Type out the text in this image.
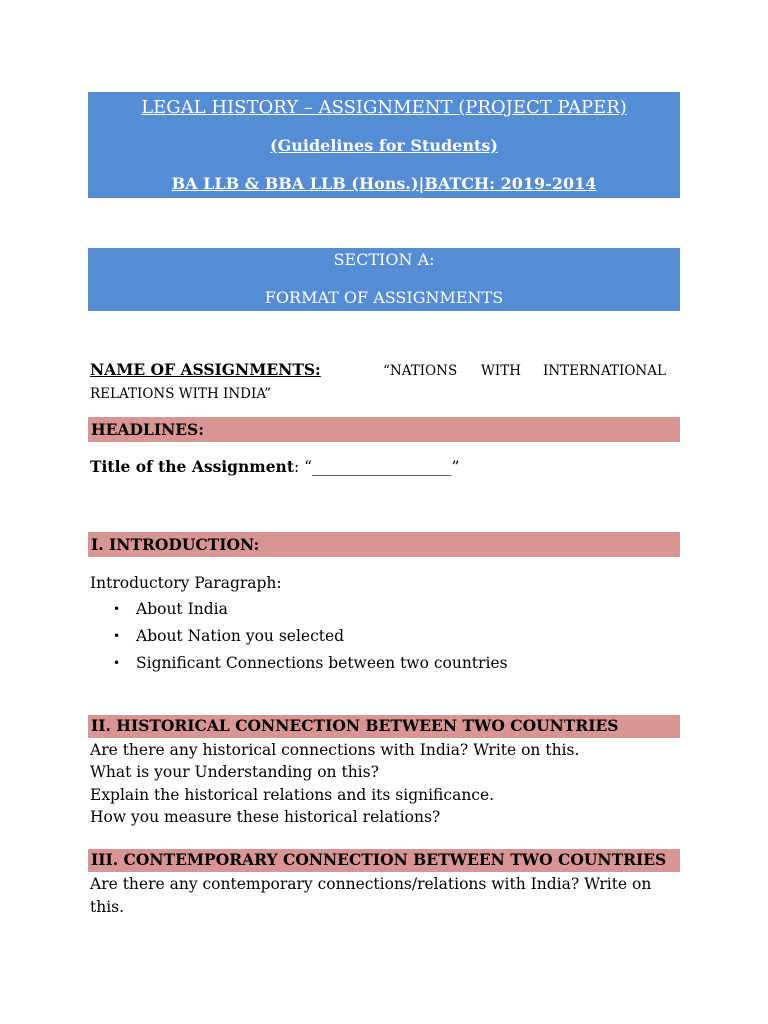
LEGAL HISTORY – ASSIGNMENT (PROJECT PAPER)
(Guidelines for Students)
BA LLB & BBA LLB (Hons.)|BATCH: 2019-2014
SECTION A:
FORMAT OF ASSIGNMENTS
NAME OF ASSIGNMENTS:	“NATIONS WITH INTERNATIONAL
RELATIONS WITH INDIA”
HEADLINES:
Title of the Assignment: “__________________”
I. INTRODUCTION:
Introductory Paragraph:
• About India
• About Nation you selected
• Significant Connections between two countries
II. HISTORICAL CONNECTION BETWEEN TWO COUNTRIES
Are there any historical connections with India? Write on this.
What is your Understanding on this?
Explain the historical relations and its significance.
How you measure these historical relations?
III. CONTEMPORARY CONNECTION BETWEEN TWO COUNTRIES
Are there any contemporary connections/relations with India? Write on
this.
